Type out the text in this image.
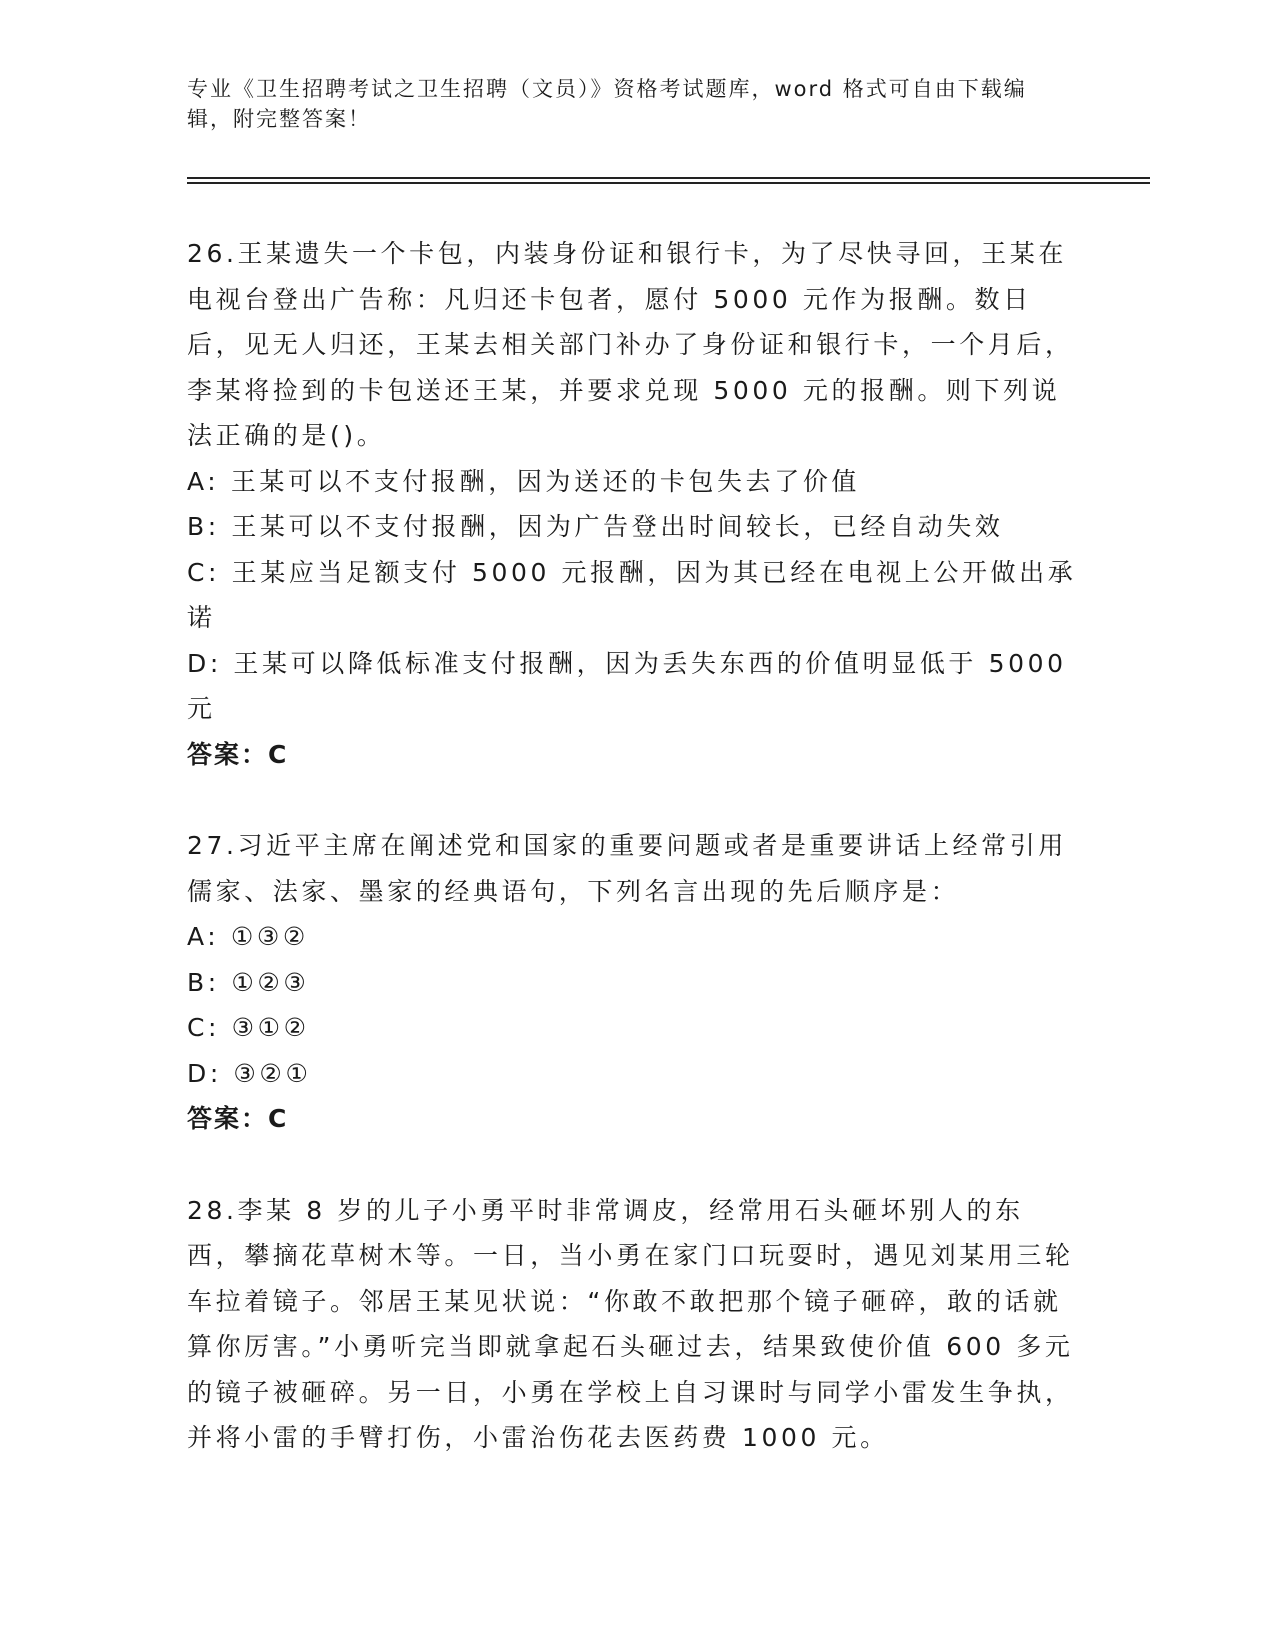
专业《卫生招聘考试之卫生招聘（文员）》资格考试题库，word 格式可自由下载编辑，附完整答案！

26.王某遗失一个卡包，内装身份证和银行卡，为了尽快寻回，王某在电视台登出广告称：凡归还卡包者，愿付 5000 元作为报酬。数日后，见无人归还，王某去相关部门补办了身份证和银行卡，一个月后，李某将捡到的卡包送还王某，并要求兑现 5000 元的报酬。则下列说法正确的是()。

A: 王某可以不支付报酬，因为送还的卡包失去了价值

B: 王某可以不支付报酬，因为广告登出时间较长，已经自动失效

C: 王某应当足额支付 5000 元报酬，因为其已经在电视上公开做出承诺

D: 王某可以降低标准支付报酬，因为丢失东西的价值明显低于 5000 元

答案：C

27.习近平主席在阐述党和国家的重要问题或者是重要讲话上经常引用儒家、法家、墨家的经典语句，下列名言出现的先后顺序是：

A: ①③②

B: ①②③

C: ③①②

D: ③②①

答案：C

28.李某 8 岁的儿子小勇平时非常调皮，经常用石头砸坏别人的东西，攀摘花草树木等。一日，当小勇在家门口玩耍时，遇见刘某用三轮车拉着镜子。邻居王某见状说：“你敢不敢把那个镜子砸碎，敢的话就算你厉害。”小勇听完当即就拿起石头砸过去，结果致使价值 600 多元的镜子被砸碎。另一日，小勇在学校上自习课时与同学小雷发生争执，并将小雷的手臂打伤，小雷治伤花去医药费 1000 元。
